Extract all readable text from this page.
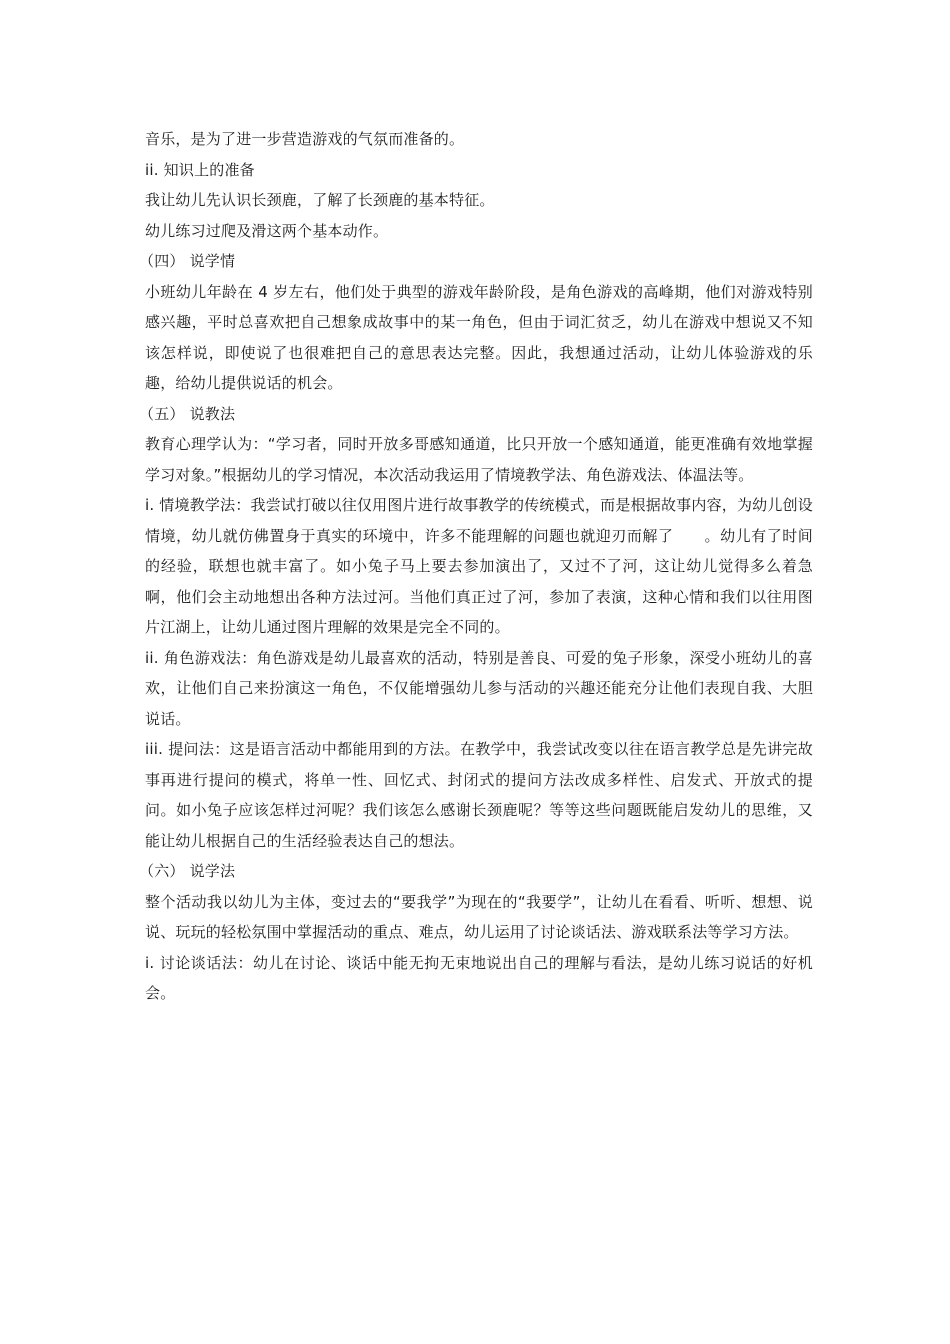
音乐，是为了进一步营造游戏的气氛而准备的。
ii. 知识上的准备
我让幼儿先认识长颈鹿，了解了长颈鹿的基本特征。
幼儿练习过爬及滑这两个基本动作。
（四） 说学情
小班幼儿年龄在 4 岁左右，他们处于典型的游戏年龄阶段，是角色游戏的高峰期，他们对游戏特别感兴趣，平时总喜欢把自己想象成故事中的某一角色，但由于词汇贫乏，幼儿在游戏中想说又不知该怎样说，即使说了也很难把自己的意思表达完整。因此，我想通过活动，让幼儿体验游戏的乐趣，给幼儿提供说话的机会。
（五） 说教法
教育心理学认为：“学习者，同时开放多哥感知通道，比只开放一个感知通道，能更准确有效地掌握学习对象。”根据幼儿的学习情况，本次活动我运用了情境教学法、角色游戏法、体温法等。
i. 情境教学法：我尝试打破以往仅用图片进行故事教学的传统模式，而是根据故事内容，为幼儿创设情境，幼儿就仿佛置身于真实的环境中，许多不能理解的问题也就迎刃而解了　　。幼儿有了时间的经验，联想也就丰富了。如小兔子马上要去参加演出了，又过不了河，这让幼儿觉得多么着急啊，他们会主动地想出各种方法过河。当他们真正过了河，参加了表演，这种心情和我们以往用图片江湖上，让幼儿通过图片理解的效果是完全不同的。
ii. 角色游戏法：角色游戏是幼儿最喜欢的活动，特别是善良、可爱的兔子形象，深受小班幼儿的喜欢，让他们自己来扮演这一角色，不仅能增强幼儿参与活动的兴趣还能充分让他们表现自我、大胆说话。
iii. 提问法：这是语言活动中都能用到的方法。在教学中，我尝试改变以往在语言教学总是先讲完故事再进行提问的模式，将单一性、回忆式、封闭式的提问方法改成多样性、启发式、开放式的提问。如小兔子应该怎样过河呢？我们该怎么感谢长颈鹿呢？等等这些问题既能启发幼儿的思维，又能让幼儿根据自己的生活经验表达自己的想法。
（六） 说学法
整个活动我以幼儿为主体，变过去的“要我学”为现在的“我要学”，让幼儿在看看、听听、想想、说说、玩玩的轻松氛围中掌握活动的重点、难点，幼儿运用了讨论谈话法、游戏联系法等学习方法。
i. 讨论谈话法：幼儿在讨论、谈话中能无拘无束地说出自己的理解与看法，是幼儿练习说话的好机会。
